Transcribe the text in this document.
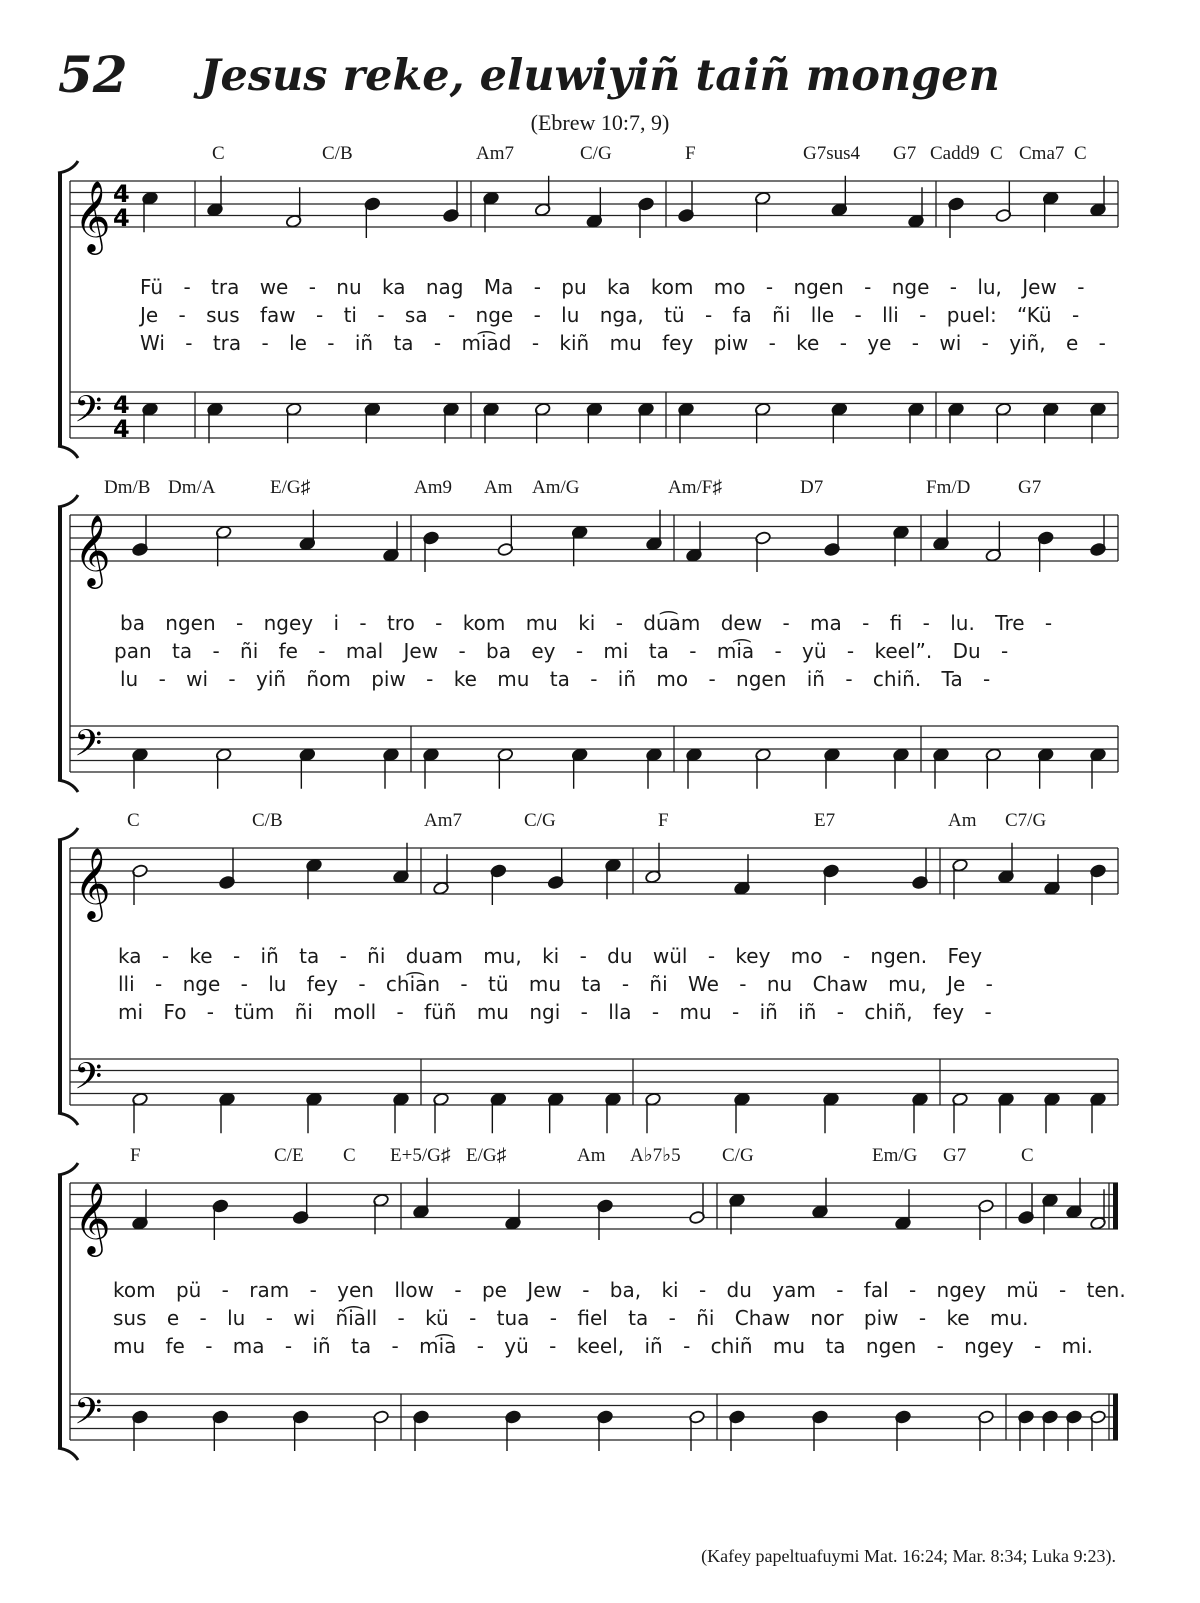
𝄞
𝄢
4
4
4
4
𝄞
𝄢
𝄞
𝄢
𝄞
𝄢
52	Jesus reke, eluwiyiñ taiñ mongen
(Ebrew 10:7, 9)
C	C/B	Am7	C/G	F	G7sus4 G7 Cadd9 C Cma7 C
Fü - tra we - nu ka nag Ma - pu ka kom mo - ngen - nge - lu, Jew -
Je - sus faw - ti - sa - nge - lu nga, tü - fa ñi lle - lli - puel: “Kü -
Wi - tra - le - iñ ta - mi͡ad - kiñ mu fey piw - ke - ye - wi - yiñ, e -
Dm/B Dm/A	E/G♯	Am9 Am Am/G	Am/F♯	D7	Fm/D	G7
ba ngen - ngey i - tro - kom mu ki - du͡am dew - ma - fi - lu. Tre -
pan ta - ñi fe - mal Jew - ba ey - mi ta - mi͡a - yü - keel”. Du -
lu - wi - yiñ ñom piw - ke mu ta - iñ mo - ngen iñ - chiñ. Ta -
C	C/B	Am7	C/G	F	E7	Am C7/G
ka - ke - iñ ta - ñi duam mu, ki - du wül - key mo - ngen. Fey
lli - nge - lu fey - chi͡an - tü mu ta - ñi We - nu Chaw mu, Je -
mi Fo - tüm ñi moll - füñ mu ngi - lla - mu - iñ iñ - chiñ, fey -
F	C/E C E+5/G♯ E/G♯	Am A♭7♭5 C/G	Em/G G7	C
kom pü - ram - yen llow - pe Jew - ba, ki - du yam - fal - ngey mü - ten.
sus e - lu - wi ñi͡all - kü - tua - fiel ta - ñi Chaw nor piw - ke mu.
mu fe - ma - iñ ta - mi͡a - yü - keel, iñ - chiñ mu ta ngen - ngey - mi.
(Kafey papeltuafuymi Mat. 16:24; Mar. 8:34; Luka 9:23).
